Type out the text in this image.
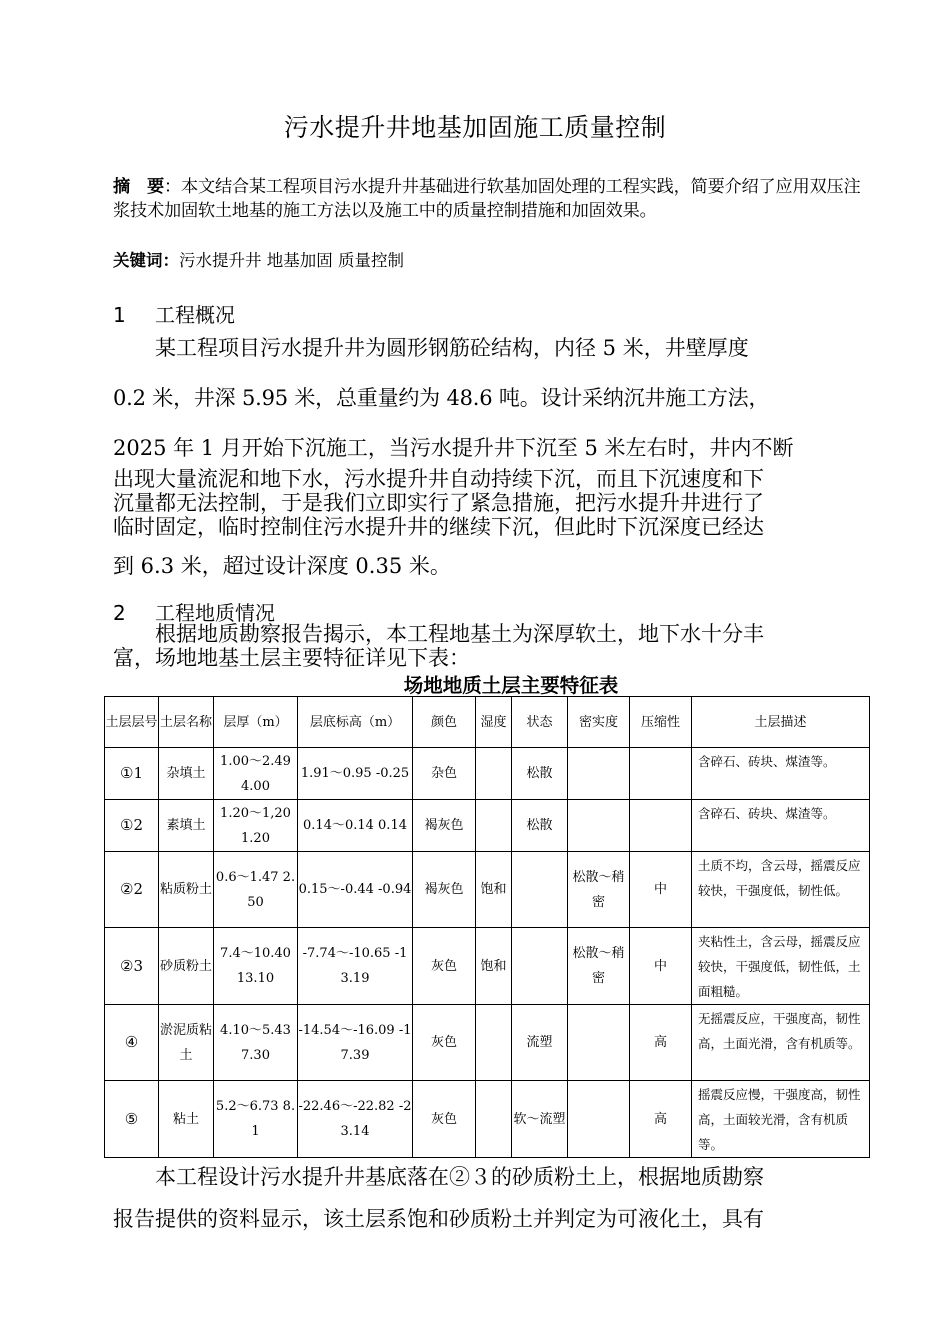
污水提升井地基加固施工质量控制
摘　要：本文结合某工程项目污水提升井基础进行软基加固处理的工程实践，简要介绍了应用双压注浆技术加固软土地基的施工方法以及施工中的质量控制措施和加固效果。
关键词：污水提升井 地基加固 质量控制
1 工程概况
　某工程项目污水提升井为圆形钢筋砼结构，内径 5 米，井壁厚度
0.2 米，井深 5.95 米，总重量约为 48.6 吨。设计采纳沉井施工方法，
2025 年 1 月开始下沉施工，当污水提升井下沉至 5 米左右时，井内不断
出现大量流泥和地下水，污水提升井自动持续下沉，而且下沉速度和下
沉量都无法控制，于是我们立即实行了紧急措施，把污水提升井进行了
临时固定，临时控制住污水提升井的继续下沉，但此时下沉深度已经达
到 6.3 米，超过设计深度 0.35 米。
2 工程地质情况
　　根据地质勘察报告揭示，本工程地基土为深厚软土，地下水十分丰
富，场地地基土层主要特征详见下表：
场地地质土层主要特征表
土层层号	土层名称	层厚（m）	层底标高（m）	颜色	湿度	状态	密实度	压缩性	土层描述
①1	杂填土	1.00～2.49 4.00	1.91～0.95 -0.25	杂色		松散			含碎石、砖块、煤渣等。
①2	素填土	1.20～1,20 1.20	0.14～0.14 0.14	褐灰色		松散			含碎石、砖块、煤渣等。
②2	粘质粉土	0.6～1.47 2.50	0.15～-0.44 -0.94	褐灰色	饱和		松散～稍密	中	土质不均，含云母，摇震反应较快，干强度低，韧性低。
②3	砂质粉土	7.4～10.40 13.10	-7.74～-10.65 -13.19	灰色	饱和		松散～稍密	中	夹粘性土，含云母，摇震反应较快，干强度低，韧性低，土面粗糙。
④	淤泥质粘土	4.10～5.43 7.30	-14.54～-16.09 -17.39	灰色		流塑		高	无摇震反应，干强度高，韧性高，土面光滑，含有机质等。
⑤	粘土	5.2～6.73 8.1	-22.46～-22.82 -23.14	灰色		软～流塑		高	摇震反应慢，干强度高，韧性高，土面较光滑，含有机质等。
　　本工程设计污水提升井基底落在②３的砂质粉土上，根据地质勘察
报告提供的资料显示，该土层系饱和砂质粉土并判定为可液化土，具有
